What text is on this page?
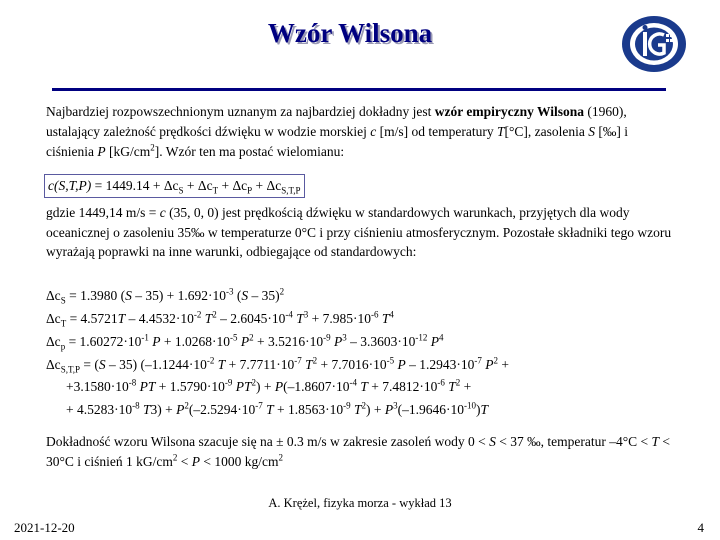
Wzór Wilsona
Najbardziej rozpowszechnionym uznanym za najbardziej dokładny jest wzór empiryczny Wilsona (1960), ustalający zależność prędkości dźwięku w wodzie morskiej c [m/s] od temperatury T[°C], zasolenia S [‰] i ciśnienia P $[kG/cm^2]$. Wzór ten ma postać wielomianu:
$c(S,T,P) = 1449.14 + \Delta c_S + \Delta c_T + \Delta c_P + \Delta c_{S,T,P}$
gdzie 1449,14 m/s = c (35, 0, 0) jest prędkością dźwięku w standardowych warunkach, przyjętych dla wody oceanicznej o zasoleniu 35‰ w temperaturze 0°C i przy ciśnieniu atmosferycznym. Pozostałe składniki tego wzoru wyrażają poprawki na inne warunki, odbiegające od standardowych:
$\Delta c_S = 1.3980$ $(S - 35) + 1.692\cdot 10^{-3}$ (S – 35)$^2$
$\Delta c_T = 4.5721T - 4.4532\cdot 10^{-2}$ $T^2 - 2.6045\cdot 10^{-4}$ $T^3 + 7.985\cdot 10^{-6}$ $T^4$
$\Delta c_p = 1.60272\cdot 10^{-1}$ $P + 1.0268\cdot 10^{-5}$ $P^2 + 3.5216\cdot 10^{-9}$ $P^3 - 3.3603\cdot 10^{-12}$ $P^4$
$\Delta c_{S,T,P} = (S - 35)$ ($-1.1244\cdot 10^{-2}$ $T + 7.7711\cdot 10^{-7}$ $T^2 + 7.7016\cdot 10^{-5}$ $P - 1.2943\cdot 10^{-7}$ $P^2$ +
$+3.1580\cdot 10^{-8}$ PT + $1.5790\cdot 10^{-9}$ $PT^2) + P(-1.8607\cdot 10^{-4}$ $T + 7.4812\cdot 10^{-6}$ $T^2$ +
+ $4.5283\cdot 10^{-8}$ $T3) + P^2(-2.5294\cdot 10^{-7}$ $T + 1.8563\cdot 10^{-9}$ $T^2) + P^3(-1.9646\cdot 10^{-10})T$
Dokładność wzoru Wilsona szacuje się na ± 0.3 m/s w zakresie zasoleń wody 0 < S < 37 ‰, temperatur –4°C < T < 30°C i ciśnień 1 $kG/cm^2 < P < 1000$ $kg/cm^2$
A. Krężel, fizyka morza - wykład 13
2021-12-20	4
